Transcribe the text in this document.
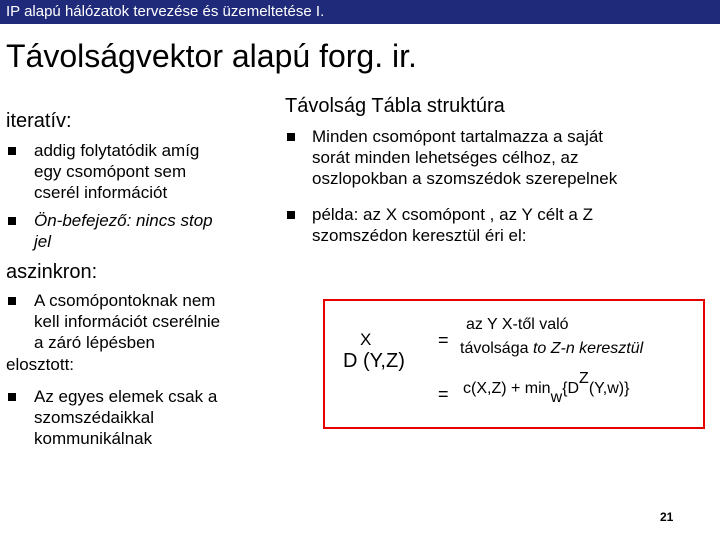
IP alapú hálózatok tervezése és üzemeltetése I.
Távolságvektor alapú forg. ir.
iteratív:
addig folytatódik amíg
egy csomópont sem
cserél információt
Ön-befejező: nincs stop
jel
aszinkron:
A csomópontoknak nem
kell információt cserélnie
a záró lépésben
elosztott:
Az egyes elemek csak a
szomszédaikkal
kommunikálnak
Távolság Tábla struktúra
Minden csomópont tartalmazza a saját
sorát minden lehetséges célhoz, az
oszlopokban a szomszédok szerepelnek
példa: az X csomópont , az Y célt a Z
szomszédon keresztül éri el:
X
D (Y,Z)
=
az Y X-től való
távolsága to Z-n keresztül
= c(X,Z) + minw{DZ(Y,w)}
21
